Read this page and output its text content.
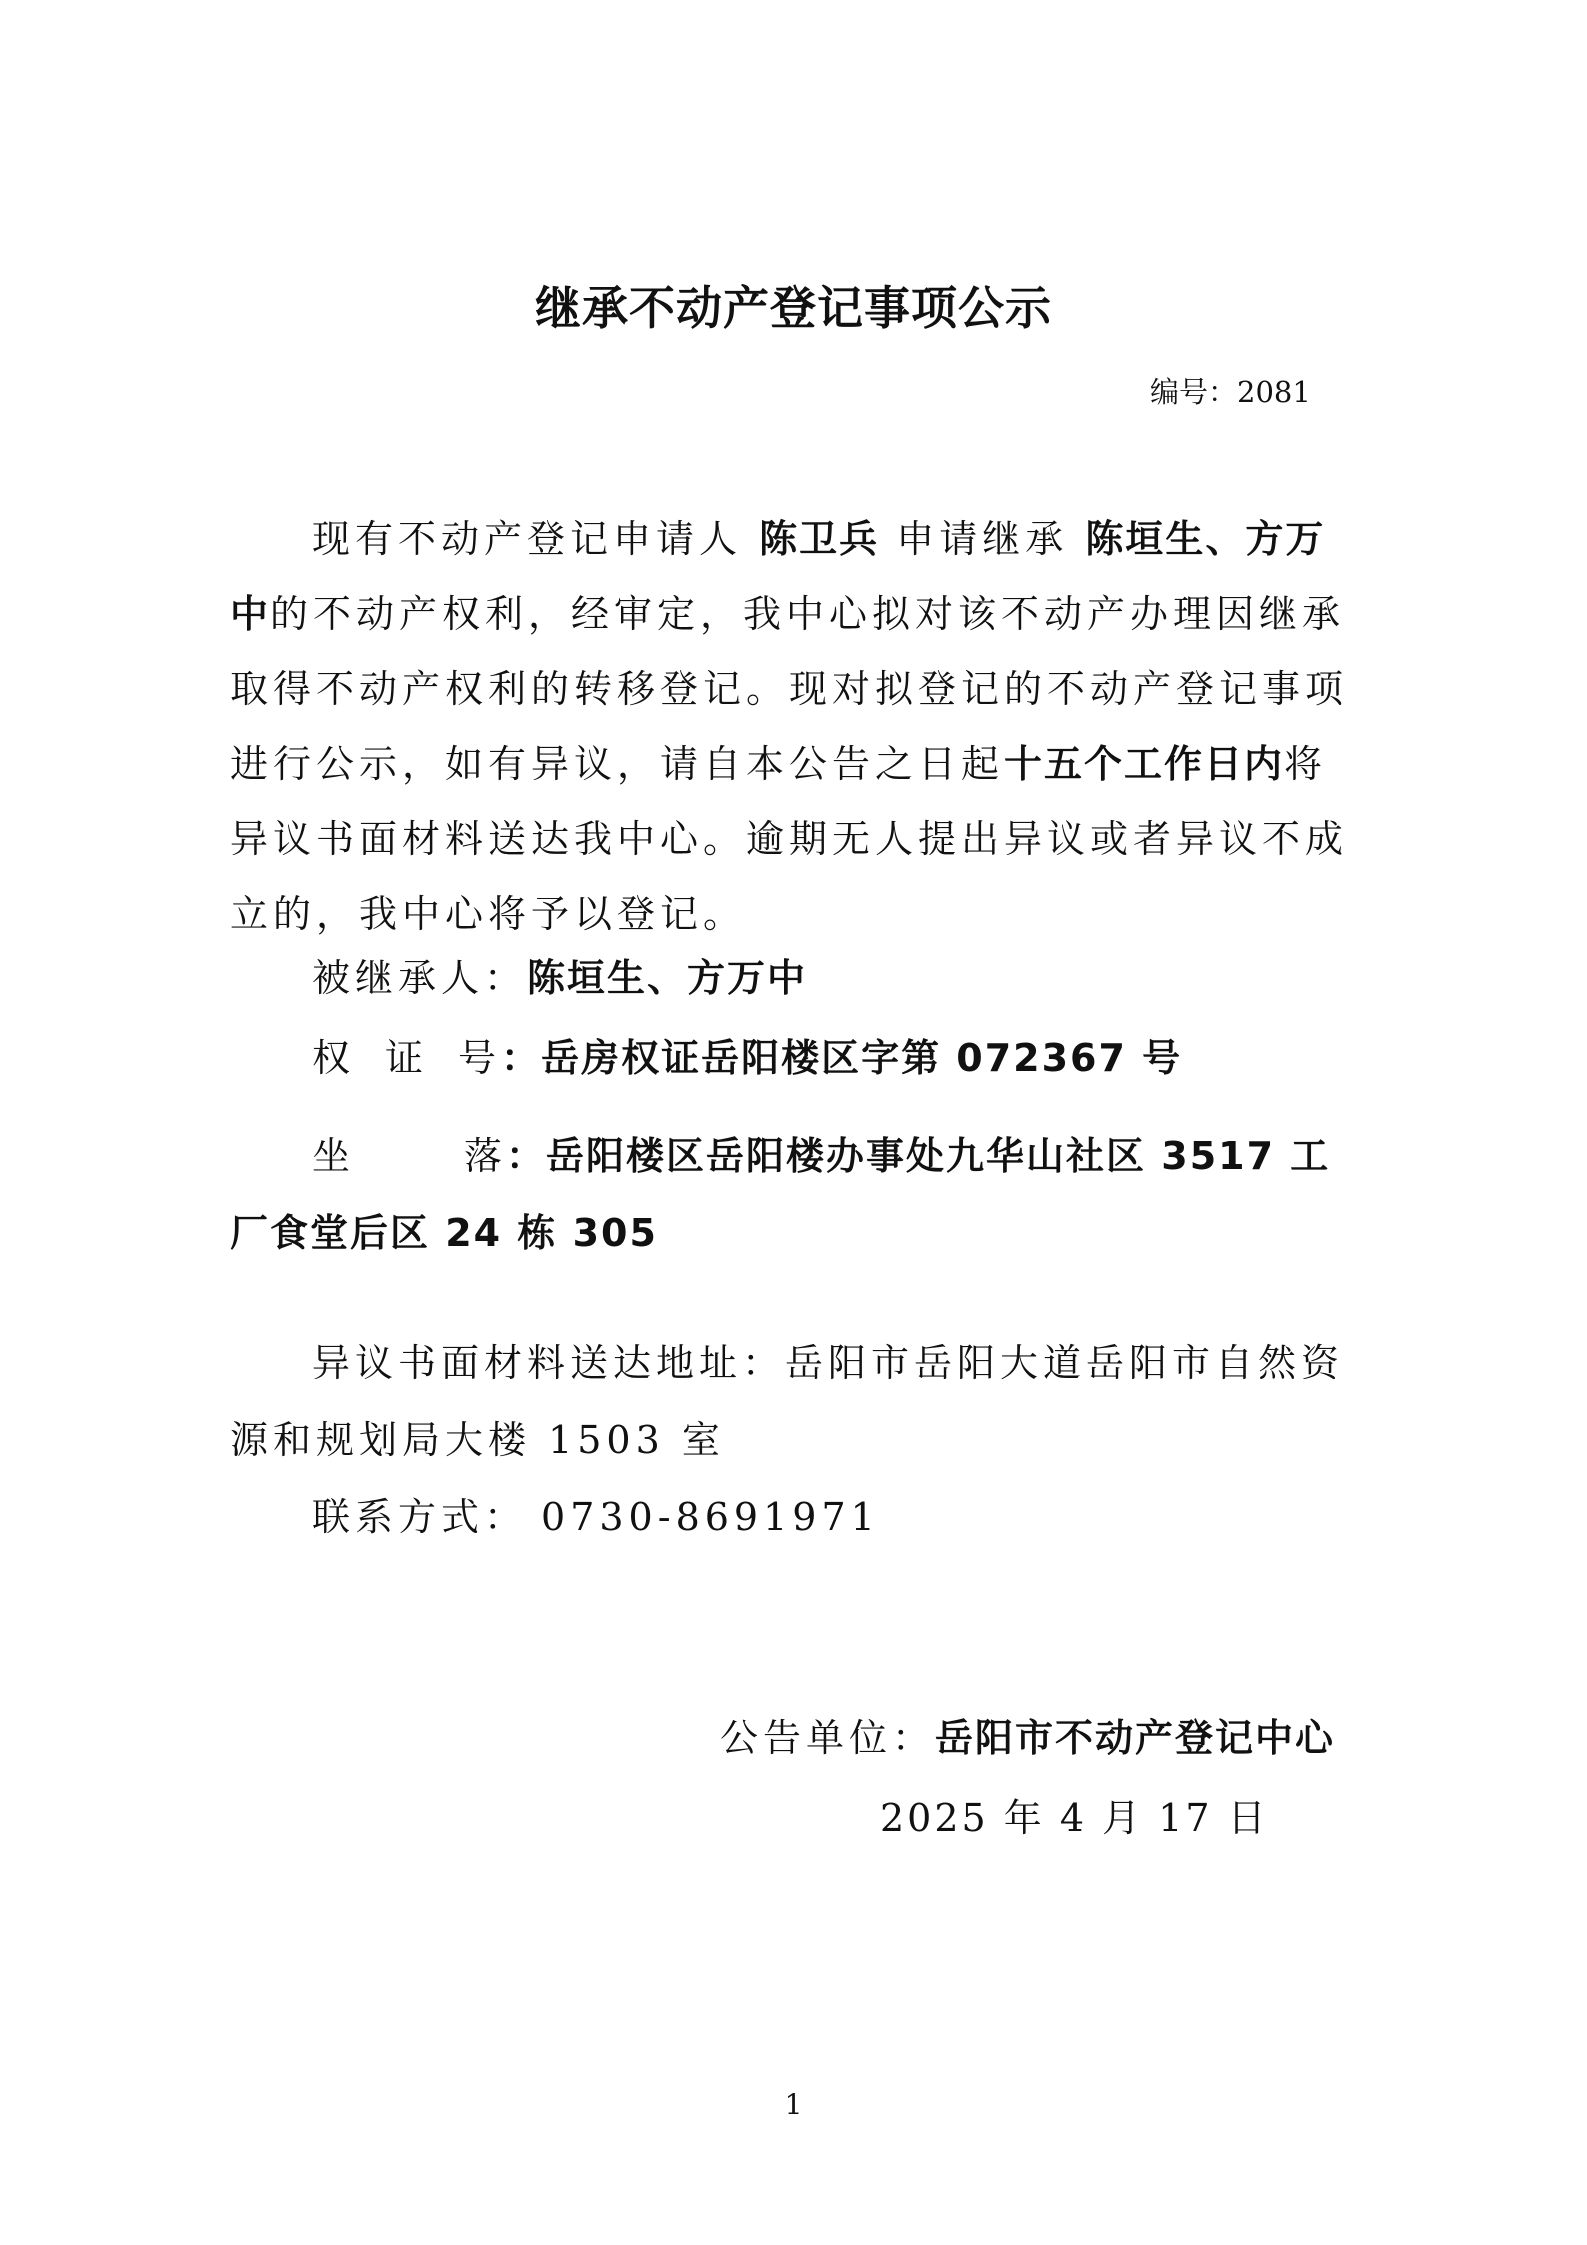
继承不动产登记事项公示
编号：2081
现有不动产登记申请人 陈卫兵 申请继承 陈垣生、方万中的不动产权利，经审定，我中心拟对该不动产办理因继承取得不动产权利的转移登记。现对拟登记的不动产登记事项进行公示，如有异议，请自本公告之日起十五个工作日内将异议书面材料送达我中心。逾期无人提出异议或者异议不成立的，我中心将予以登记。
被继承人：陈垣生、方万中
权 证 号：岳房权证岳阳楼区字第 072367 号
坐	落：岳阳楼区岳阳楼办事处九华山社区 3517 工厂食堂后区 24 栋 305
异议书面材料送达地址：岳阳市岳阳大道岳阳市自然资源和规划局大楼 1503 室
联系方式： 0730-8691971
公告单位：岳阳市不动产登记中心
2025 年 4 月 17 日
1
